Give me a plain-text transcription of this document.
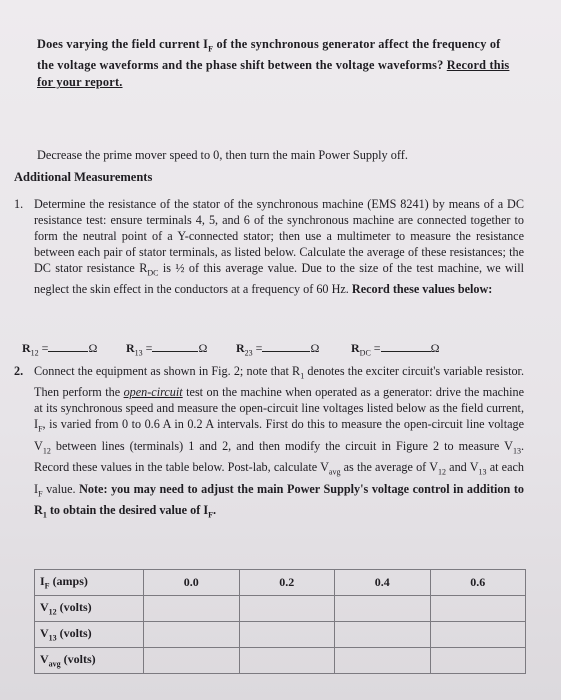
Does varying the field current $I_F$ of the synchronous generator affect the frequency of the voltage waveforms and the phase shift between the voltage waveforms? Record this for your report.
Decrease the prime mover speed to 0, then turn the main Power Supply off.
Additional Measurements
1. Determine the resistance of the stator of the synchronous machine (EMS 8241) by means of a DC resistance test: ensure terminals 4, 5, and 6 of the synchronous machine are connected together to form the neutral point of a Y-connected stator; then use a multimeter to measure the resistance between each pair of stator terminals, as listed below. Calculate the average of these resistances; the DC stator resistance $R_{DC}$ is ½ of this average value. Due to the size of the test machine, we will neglect the skin effect in the conductors at a frequency of 60 Hz. Record these values below:
$R_{12}$ =	Ω $R_{13}$ =	Ω $R_{23}$ =	Ω	$R_{DC}$ =	Ω
2. Connect the equipment as shown in Fig. 2; note that $R_1$ denotes the exciter circuit's variable resistor. Then perform the open-circuit test on the machine when operated as a generator: drive the machine at its synchronous speed and measure the open-circuit line voltages listed below as the field current, $I_F$, is varied from 0 to 0.6 A in 0.2 A intervals. First do this to measure the open-circuit line voltage $V_{12}$ between lines (terminals) 1 and 2, and then modify the circuit in Figure 2 to measure $V_{13}$. Record these values in the table below. Post-lab, calculate $V_{avg}$ as the average of $V_{12}$ and $V_{13}$ at each $I_F$ value. Note: you may need to adjust the main Power Supply's voltage control in addition to $R_1$ to obtain the desired value of $I_F$.
$I_F$ (amps)	0.0	0.2	0.4	0.6
$V_{12}$ (volts)				
$V_{13}$ (volts)				
$V_{avg}$ (volts)				
